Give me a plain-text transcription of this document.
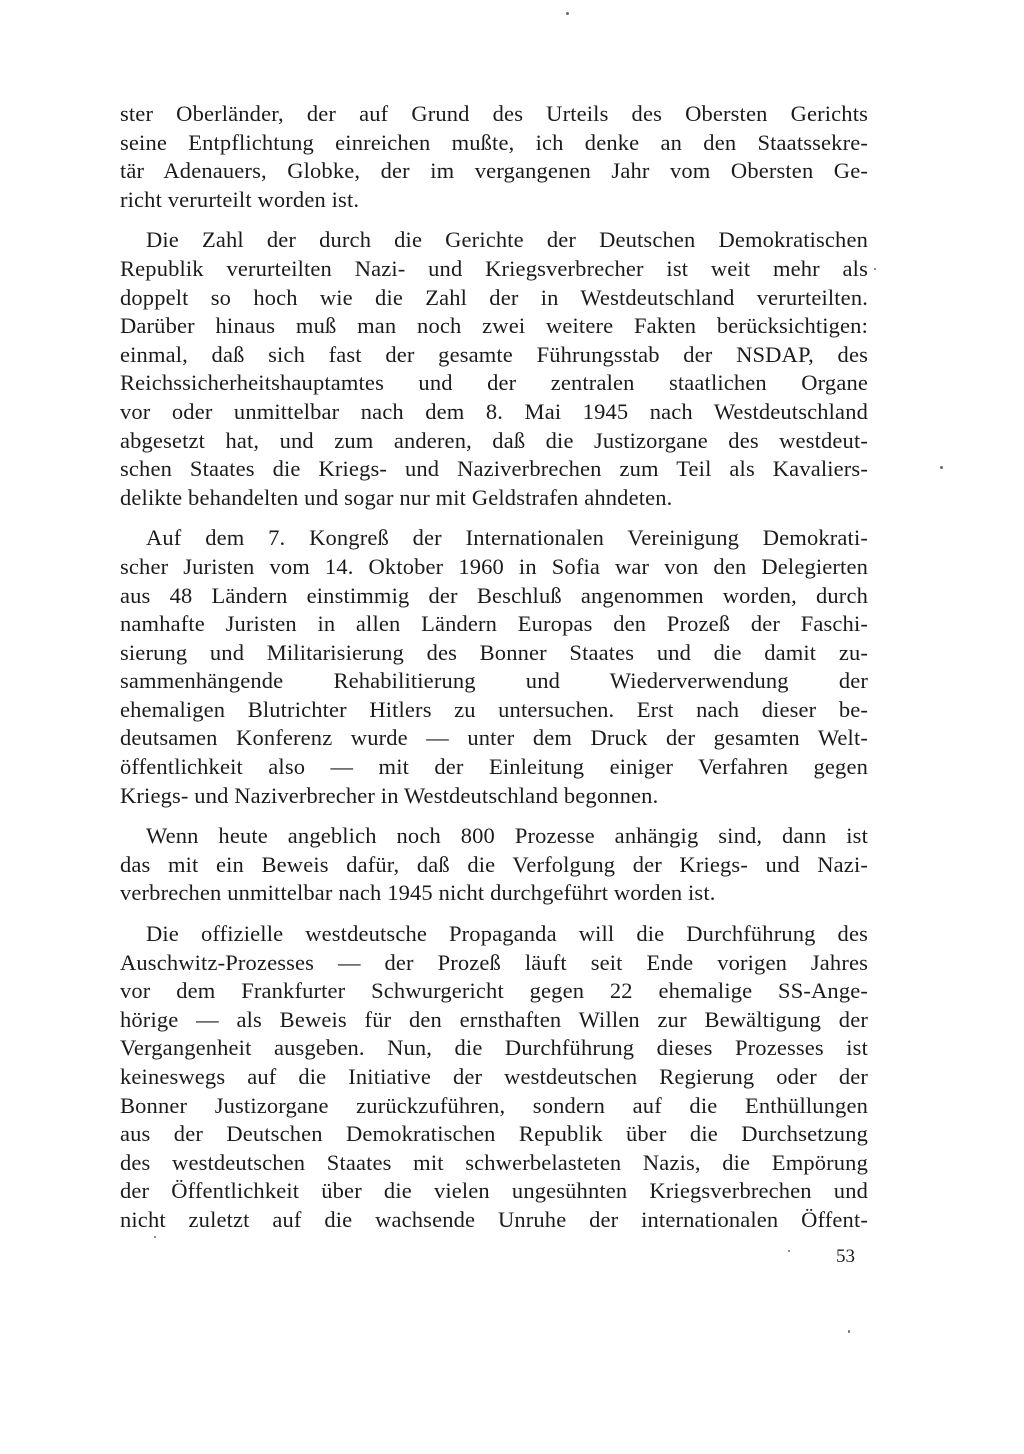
ster Oberländer, der auf Grund des Urteils des Obersten Gerichts
seine Entpflichtung einreichen mußte, ich denke an den Staatssekre-
tär Adenauers, Globke, der im vergangenen Jahr vom Obersten Ge-
richt verurteilt worden ist.

Die Zahl der durch die Gerichte der Deutschen Demokratischen
Republik verurteilten Nazi- und Kriegsverbrecher ist weit mehr als
doppelt so hoch wie die Zahl der in Westdeutschland verurteilten.
Darüber hinaus muß man noch zwei weitere Fakten berücksichtigen:
einmal, daß sich fast der gesamte Führungsstab der NSDAP, des
Reichssicherheitshauptamtes und der zentralen staatlichen Organe
vor oder unmittelbar nach dem 8. Mai 1945 nach Westdeutschland
abgesetzt hat, und zum anderen, daß die Justizorgane des westdeut-
schen Staates die Kriegs- und Naziverbrechen zum Teil als Kavaliers-
delikte behandelten und sogar nur mit Geldstrafen ahndeten.

Auf dem 7. Kongreß der Internationalen Vereinigung Demokrati-
scher Juristen vom 14. Oktober 1960 in Sofia war von den Delegierten
aus 48 Ländern einstimmig der Beschluß angenommen worden, durch
namhafte Juristen in allen Ländern Europas den Prozeß der Faschi-
sierung und Militarisierung des Bonner Staates und die damit zu-
sammenhängende Rehabilitierung und Wiederverwendung der
ehemaligen Blutrichter Hitlers zu untersuchen. Erst nach dieser be-
deutsamen Konferenz wurde — unter dem Druck der gesamten Welt-
öffentlichkeit also — mit der Einleitung einiger Verfahren gegen
Kriegs- und Naziverbrecher in Westdeutschland begonnen.

Wenn heute angeblich noch 800 Prozesse anhängig sind, dann ist
das mit ein Beweis dafür, daß die Verfolgung der Kriegs- und Nazi-
verbrechen unmittelbar nach 1945 nicht durchgeführt worden ist.

Die offizielle westdeutsche Propaganda will die Durchführung des
Auschwitz-Prozesses — der Prozeß läuft seit Ende vorigen Jahres
vor dem Frankfurter Schwurgericht gegen 22 ehemalige SS-Ange-
hörige — als Beweis für den ernsthaften Willen zur Bewältigung der
Vergangenheit ausgeben. Nun, die Durchführung dieses Prozesses ist
keineswegs auf die Initiative der westdeutschen Regierung oder der
Bonner Justizorgane zurückzuführen, sondern auf die Enthüllungen
aus der Deutschen Demokratischen Republik über die Durchsetzung
des westdeutschen Staates mit schwerbelasteten Nazis, die Empörung
der Öffentlichkeit über die vielen ungesühnten Kriegsverbrechen und
nicht zuletzt auf die wachsende Unruhe der internationalen Öffent-

53
